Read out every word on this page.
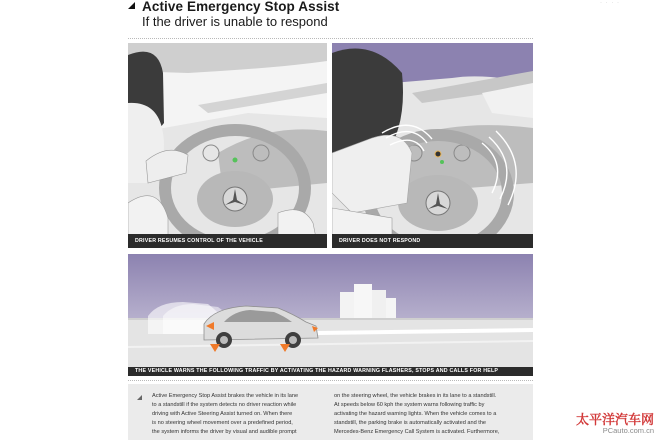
· · · ·
Active Emergency Stop Assist
If the driver is unable to respond
DRIVER RESUMES CONTROL OF THE VEHICLE	DRIVER DOES NOT RESPOND
THE VEHICLE WARNS THE FOLLOWING TRAFFIC BY ACTIVATING THE HAZARD WARNING FLASHERS, STOPS AND CALLS FOR HELP
Active Emergency Stop Assist brakes the vehicle in its lane
to a standstill if the system detects no driver reaction while
driving with Active Steering Assist turned on. When there
is no steering wheel movement over a predefined period,
the system informs the driver by visual and audible prompt
on the steering wheel, the vehicle brakes in its lane to a standstill.
At speeds below 60 kph the system warns following traffic by
activating the hazard warning lights. When the vehicle comes to a
standstill, the parking brake is automatically activated and the
Mercedes-Benz Emergency Call System is activated. Furthermore,
太平洋汽车网
PCauto.com.cn
